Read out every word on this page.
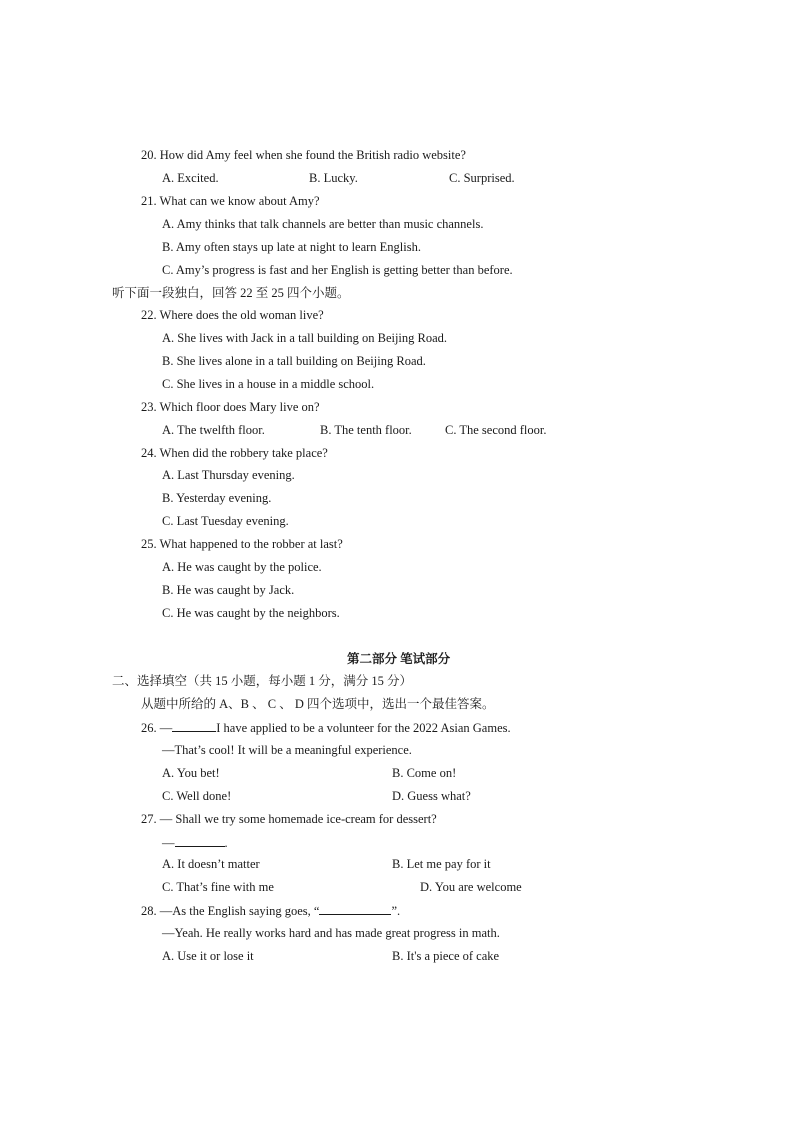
20. How did Amy feel when she found the British radio website?
A. Excited.	B. Lucky.	C. Surprised.
21. What can we know about Amy?
A. Amy thinks that talk channels are better than music channels.
B. Amy often stays up late at night to learn English.
C. Amy’s progress is fast and her English is getting better than before.
听下面一段独白，回答 22 至 25 四个小题。
22. Where does the old woman live?
A. She lives with Jack in a tall building on Beijing Road.
B. She lives alone in a tall building on Beijing Road.
C. She lives in a house in a middle school.
23. Which floor does Mary live on?
A. The twelfth floor.	B. The tenth floor.	C. The second floor.
24. When did the robbery take place?
A. Last Thursday evening.
B. Yesterday evening.
C. Last Tuesday evening.
25. What happened to the robber at last?
A. He was caught by the police.
B. He was caught by Jack.
C. He was caught by the neighbors.
第二部分 笔试部分
二、选择填空（共 15 小题，每小题 1 分，满分 15 分）
从题中所给的 A、B 、 C 、 D 四个选项中，选出一个最佳答案。
26. —	I have applied to be a volunteer for the 2022 Asian Games.
—That’s cool! It will be a meaningful experience.
A. You bet!	B. Come on!
C. Well done!	D. Guess what?
27. — Shall we try some homemade ice-cream for dessert?
—	.
A. It doesn’t matter	B. Let me pay for it
C. That’s fine with me	D. You are welcome
28. —As the English saying goes, “	”.
—Yeah. He really works hard and has made great progress in math.
A. Use it or lose it	B. It's a piece of cake
